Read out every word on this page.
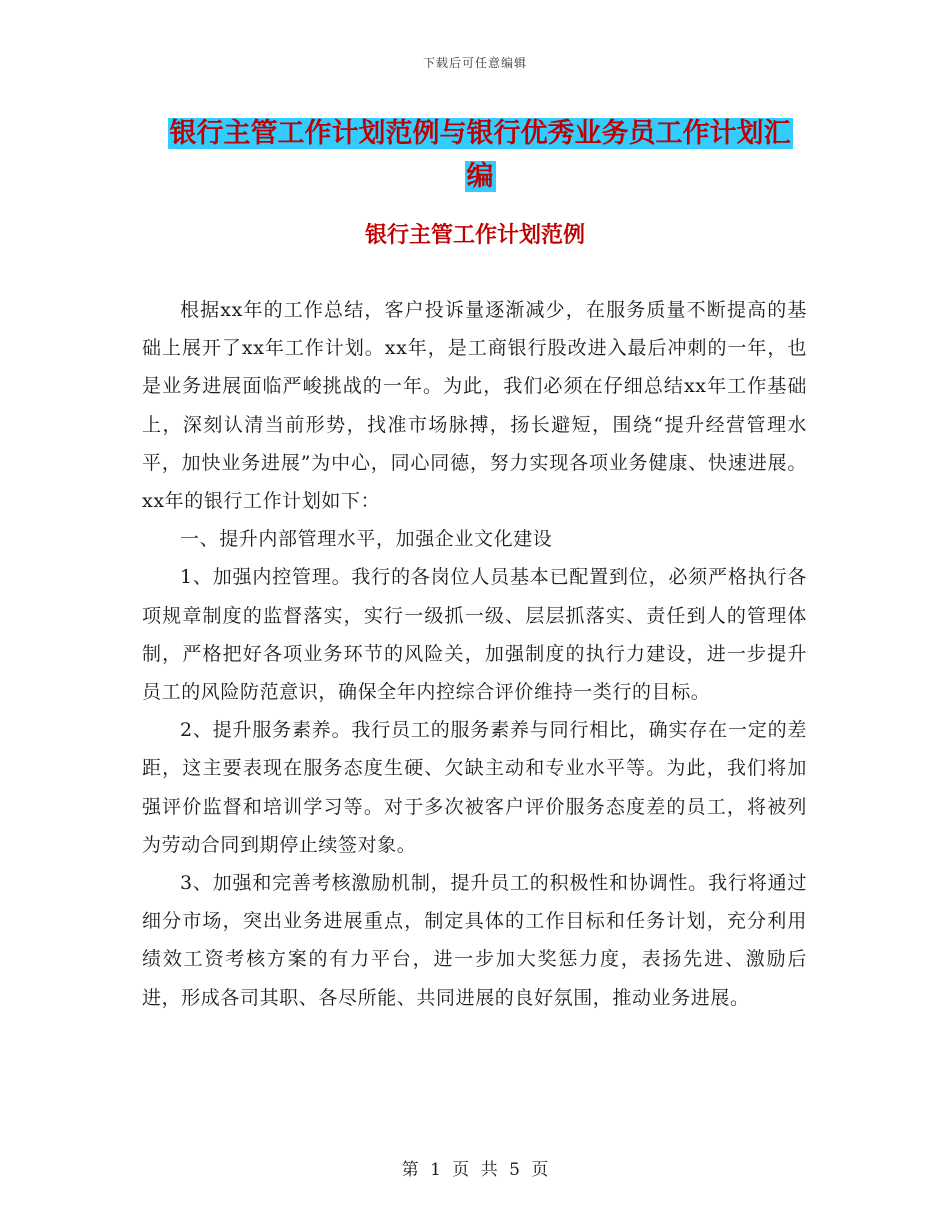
下载后可任意编辑
银行主管工作计划范例与银行优秀业务员工作计划汇
编
银行主管工作计划范例

根据xx年的工作总结，客户投诉量逐渐减少，在服务质量不断提高的基础上展开了xx年工作计划。xx年，是工商银行股改进入最后冲刺的一年，也是业务进展面临严峻挑战的一年。为此，我们必须在仔细总结xx年工作基础上，深刻认清当前形势，找准市场脉搏，扬长避短，围绕“提升经营管理水平，加快业务进展”为中心，同心同德，努力实现各项业务健康、快速进展。xx年的银行工作计划如下：

一、提升内部管理水平，加强企业文化建设

1、加强内控管理。我行的各岗位人员基本已配置到位，必须严格执行各项规章制度的监督落实，实行一级抓一级、层层抓落实、责任到人的管理体制，严格把好各项业务环节的风险关，加强制度的执行力建设，进一步提升员工的风险防范意识，确保全年内控综合评价维持一类行的目标。

2、提升服务素养。我行员工的服务素养与同行相比，确实存在一定的差距，这主要表现在服务态度生硬、欠缺主动和专业水平等。为此，我们将加强评价监督和培训学习等。对于多次被客户评价服务态度差的员工，将被列为劳动合同到期停止续签对象。

3、加强和完善考核激励机制，提升员工的积极性和协调性。我行将通过细分市场，突出业务进展重点，制定具体的工作目标和任务计划，充分利用绩效工资考核方案的有力平台，进一步加大奖惩力度，表扬先进、激励后进，形成各司其职、各尽所能、共同进展的良好氛围，推动业务进展。

第 1 页 共 5 页
